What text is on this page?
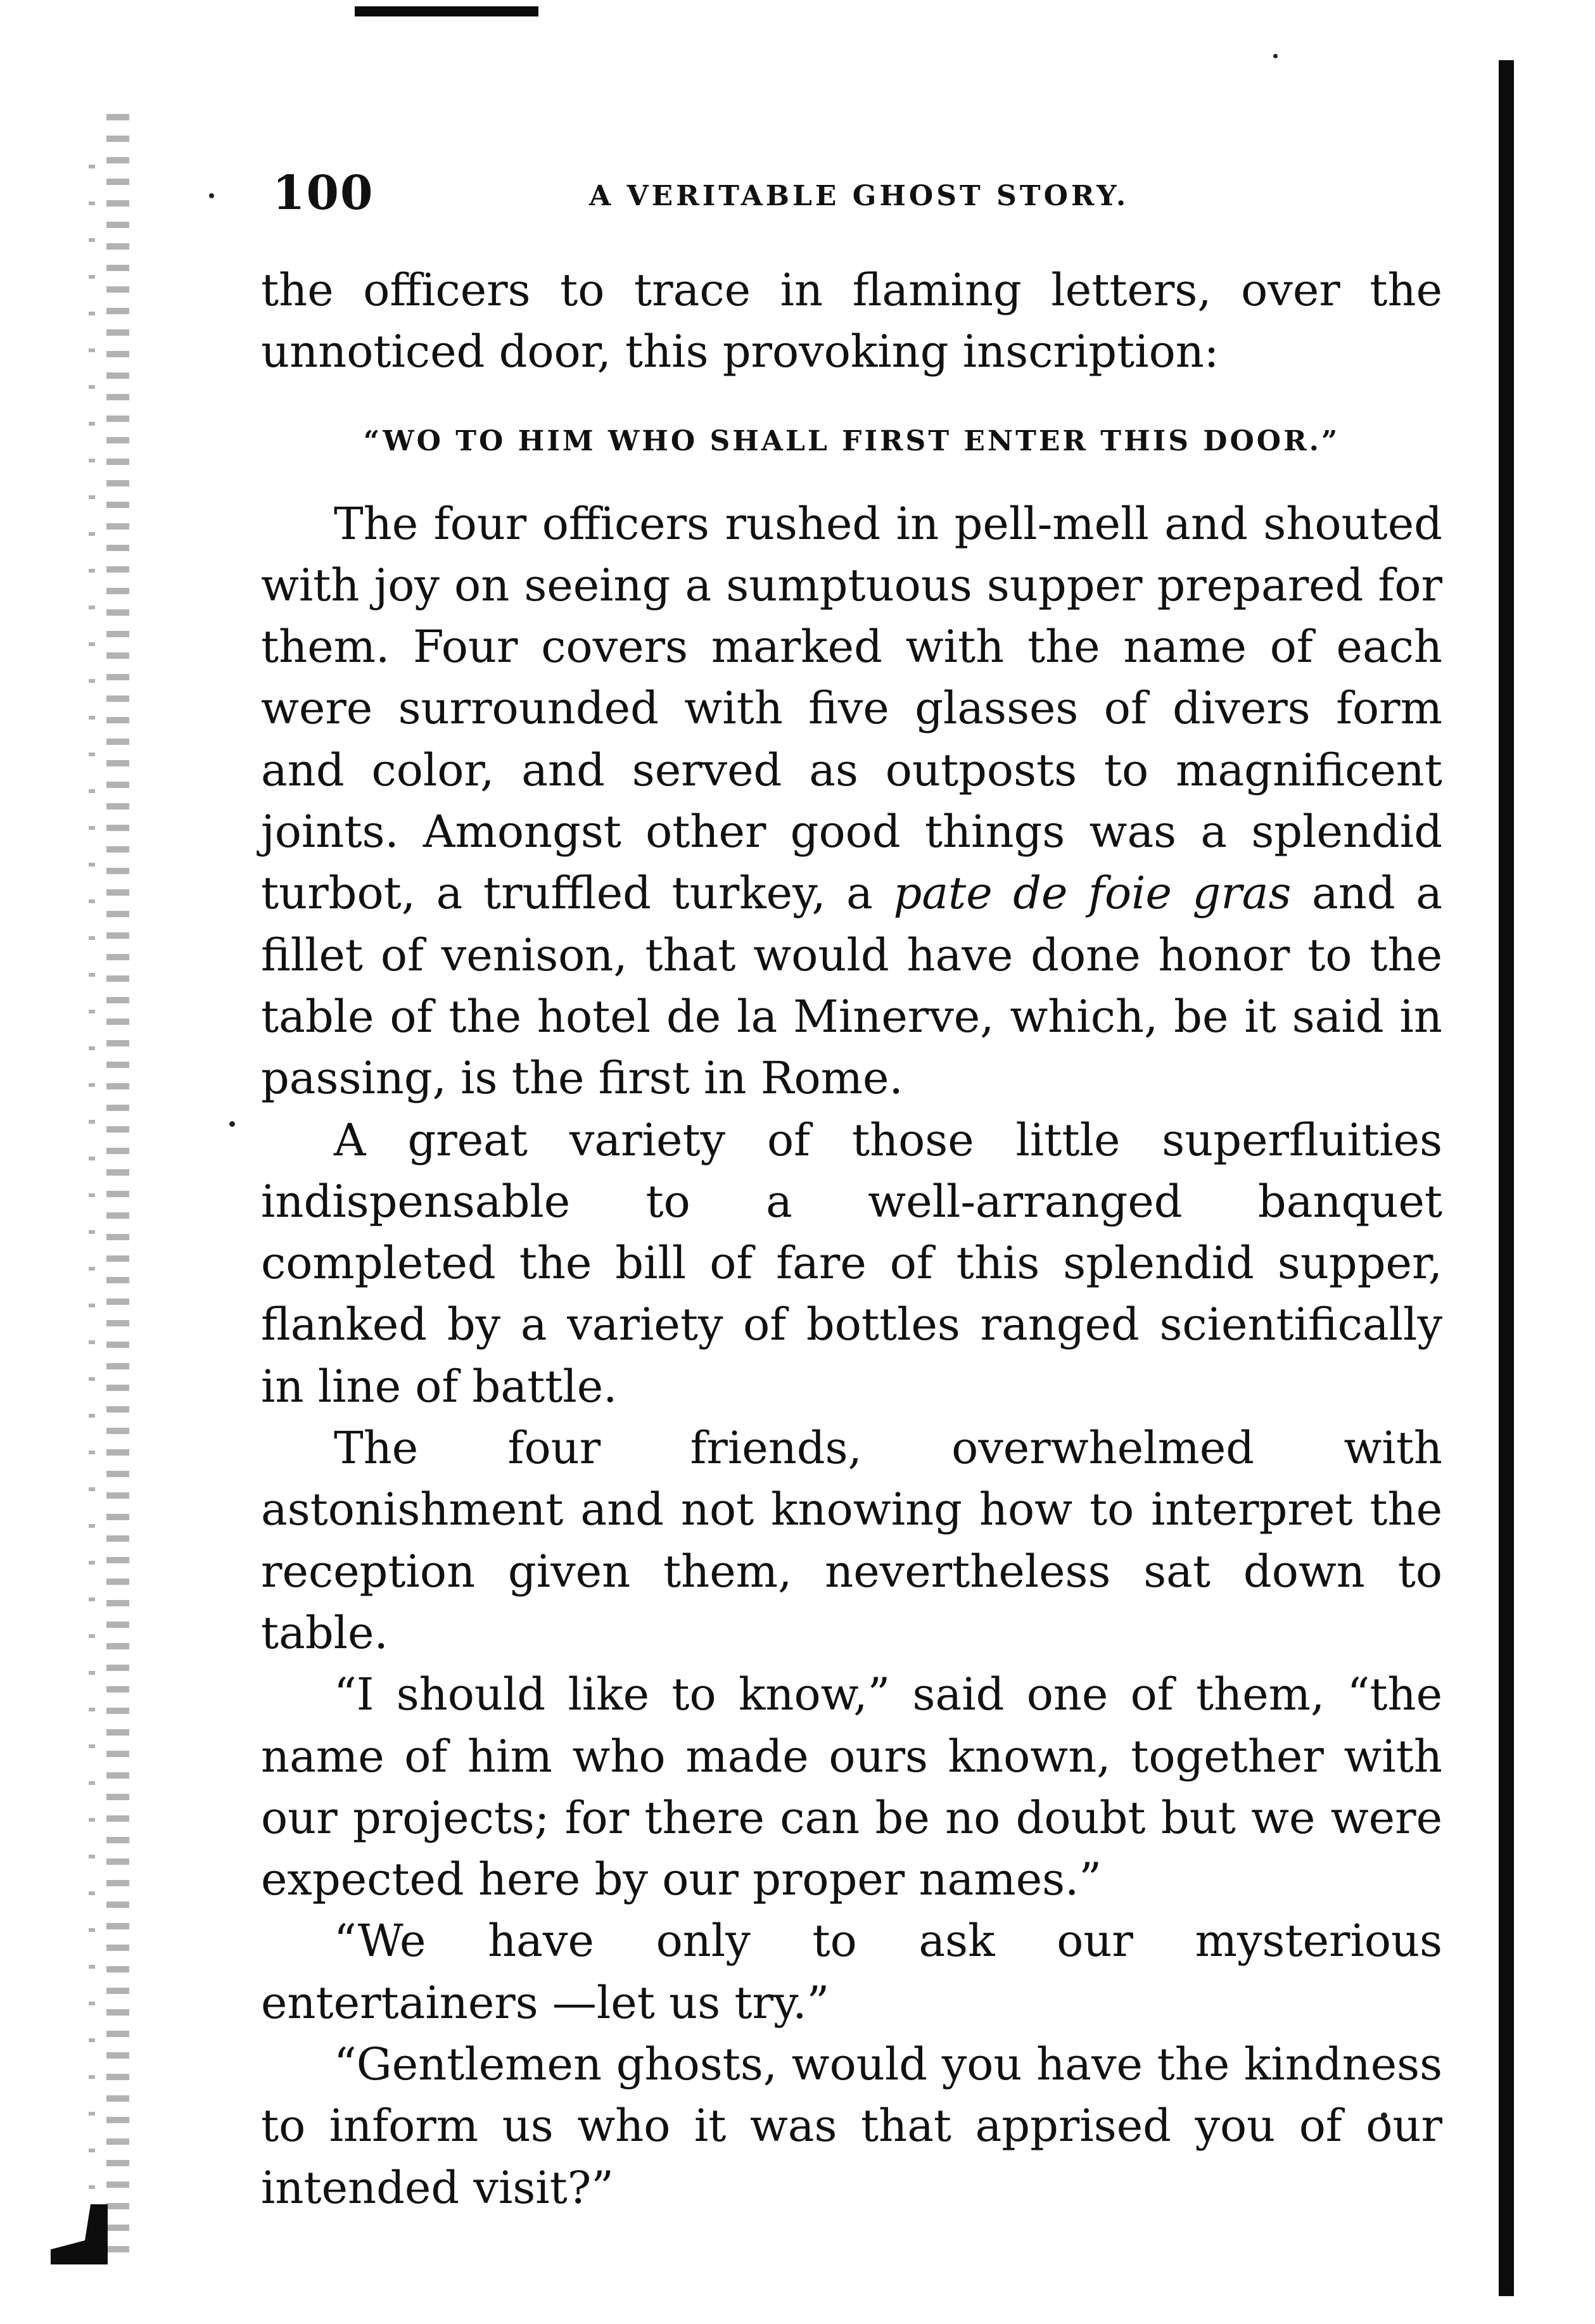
100	A VERITABLE GHOST STORY.

the officers to trace in flaming letters, over the unnoticed door, this provoking inscription:

“WO TO HIM WHO SHALL FIRST ENTER THIS DOOR.”

The four officers rushed in pell-mell and shouted with joy on seeing a sumptuous supper prepared for them. Four covers marked with the name of each were surrounded with five glasses of divers form and color, and served as outposts to magnificent joints. Amongst other good things was a splendid turbot, a truffled turkey, a pate de foie gras and a fillet of venison, that would have done honor to the table of the hotel de la Minerve, which, be it said in passing, is the first in Rome.

A great variety of those little superfluities indispensable to a well-arranged banquet completed the bill of fare of this splendid supper, flanked by a variety of bottles ranged scientifically in line of battle.

The four friends, overwhelmed with astonishment and not knowing how to interpret the reception given them, nevertheless sat down to table.

“I should like to know,” said one of them, “the name of him who made ours known, together with our projects; for there can be no doubt but we were expected here by our proper names.”

“We have only to ask our mysterious entertainers —let us try.”

“Gentlemen ghosts, would you have the kindness to inform us who it was that apprised you of our intended visit?”
